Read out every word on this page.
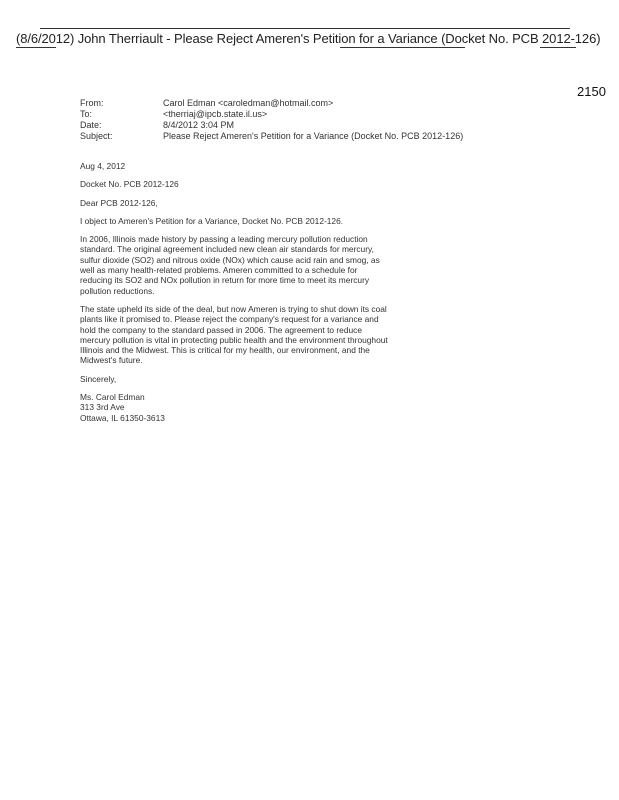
(8/6/2012) John Therriault - Please Reject Ameren's Petition for a Variance (Docket No. PCB 2012-126)
2150
From:	Carol Edman <caroledman@hotmail.com>
To:	<therriaj@ipcb.state.il.us>
Date:	8/4/2012 3:04 PM
Subject:	Please Reject Ameren's Petition for a Variance (Docket No. PCB 2012-126)

Aug 4, 2012

Docket No. PCB 2012-126

Dear PCB 2012-126,

I object to Ameren's Petition for a Variance, Docket No. PCB 2012-126.

In 2006, Illinois made history by passing a leading mercury pollution reduction standard. The original agreement included new clean air standards for mercury, sulfur dioxide (SO2) and nitrous oxide (NOx) which cause acid rain and smog, as well as many health-related problems. Ameren committed to a schedule for reducing its SO2 and NOx pollution in return for more time to meet its mercury pollution reductions.

The state upheld its side of the deal, but now Ameren is trying to shut down its coal plants like it promised to. Please reject the company's request for a variance and hold the company to the standard passed in 2006. The agreement to reduce mercury pollution is vital in protecting public health and the environment throughout Illinois and the Midwest. This is critical for my health, our environment, and the Midwest's future.

Sincerely,

Ms. Carol Edman
313 3rd Ave
Ottawa, IL 61350-3613
